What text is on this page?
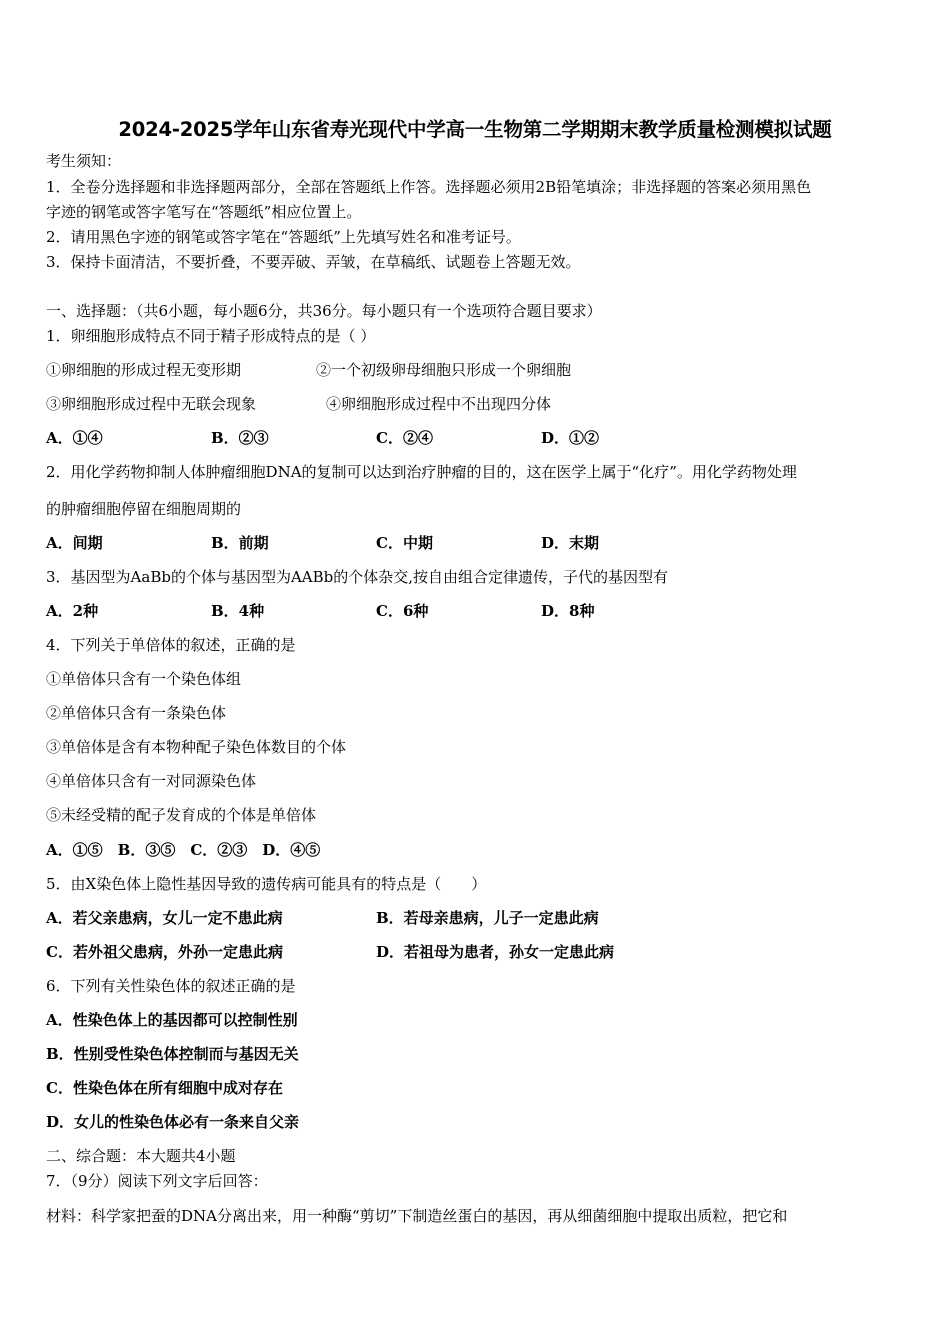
2024-2025学年山东省寿光现代中学高一生物第二学期期末教学质量检测模拟试题
考生须知：
1．全卷分选择题和非选择题两部分，全部在答题纸上作答。选择题必须用2B铅笔填涂；非选择题的答案必须用黑色
字迹的钢笔或答字笔写在“答题纸”相应位置上。
2．请用黑色字迹的钢笔或答字笔在“答题纸”上先填写姓名和准考证号。
3．保持卡面清洁，不要折叠，不要弄破、弄皱，在草稿纸、试题卷上答题无效。
一、选择题：（共6小题，每小题6分，共36分。每小题只有一个选项符合题目要求）
1．卵细胞形成特点不同于精子形成特点的是（ ）
①卵细胞的形成过程无变形期	②一个初级卵母细胞只形成一个卵细胞
③卵细胞形成过程中无联会现象	④卵细胞形成过程中不出现四分体
A．①④	B．②③	C．②④	D．①②
2．用化学药物抑制人体肿瘤细胞DNA的复制可以达到治疗肿瘤的目的，这在医学上属于“化疗”。用化学药物处理
的肿瘤细胞停留在细胞周期的
A．间期	B．前期	C．中期	D．末期
3．基因型为AaBb的个体与基因型为AABb的个体杂交,按自由组合定律遗传，子代的基因型有
A．2种	B．4种	C．6种	D．8种
4．下列关于单倍体的叙述，正确的是
①单倍体只含有一个染色体组
②单倍体只含有一条染色体
③单倍体是含有本物种配子染色体数目的个体
④单倍体只含有一对同源染色体
⑤未经受精的配子发育成的个体是单倍体
A．①⑤　B．③⑤　C．②③　D．④⑤
5．由X染色体上隐性基因导致的遗传病可能具有的特点是（　　）
A．若父亲患病，女儿一定不患此病	B．若母亲患病，儿子一定患此病
C．若外祖父患病，外孙一定患此病	D．若祖母为患者，孙女一定患此病
6．下列有关性染色体的叙述正确的是
A．性染色体上的基因都可以控制性别
B．性别受性染色体控制而与基因无关
C．性染色体在所有细胞中成对存在
D．女儿的性染色体必有一条来自父亲
二、综合题：本大题共4小题
7．（9分）阅读下列文字后回答：
材料：科学家把蚕的DNA分离出来，用一种酶“剪切”下制造丝蛋白的基因，再从细菌细胞中提取出质粒，把它和
